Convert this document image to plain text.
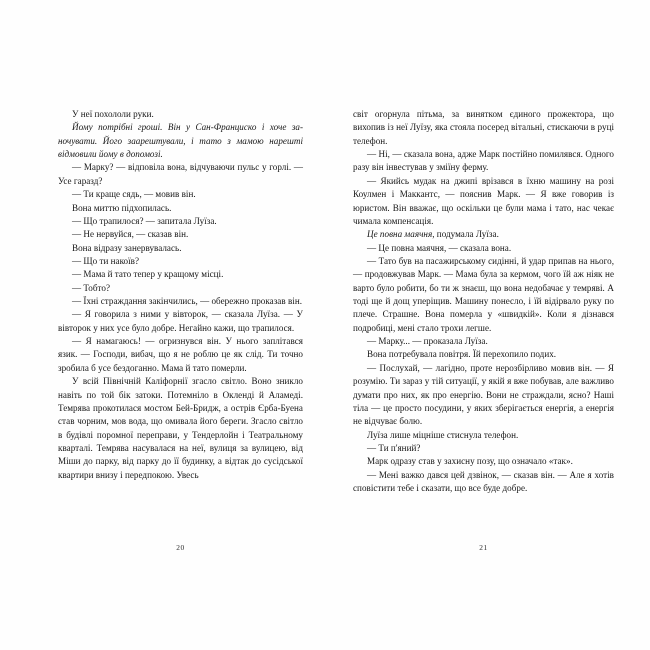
У неї похололи руки.

Йому потрібні гроші. Він у Сан-Франциско і хоче заночувати. Його заарештували, і тато з мамою нарешті відмовили йому в допомозі.

— Марку? — відповіла вона, відчуваючи пульс у горлі. — Усе гаразд?

— Ти краще сядь, — мовив він.

Вона миттю підхопилась.

— Що трапилося? — запитала Луїза.

— Не нервуйся, — сказав він.

Вона відразу занервувалась.

— Що ти накоїв?

— Мама й тато тепер у кращому місці.

— Тобто?

— Їхні страждання закінчились, — обережно проказав він.

— Я говорила з ними у вівторок, — сказала Луїза. — У вівторок у них усе було добре. Негайно кажи, що трапилося.

— Я намагаюсь! — огризнувся він. У нього заплітався язик. — Господи, вибач, що я не роблю це як слід. Ти точно зробила б усе бездоганно. Мама й тато померли.

У всій Північній Каліфорнії згасло світло. Воно зникло навіть по той бік затоки. Потемніло в Окленді й Аламеді. Темрява прокотилася мостом Бей-Бридж, а острів Єрба-Буена став чорним, мов вода, що омивала його береги. Згасло світло в будівлі поромної переправи, у Тендерлойн і Театральному кварталі. Темрява насувалася на неї, вулиця за вулицею, від Міши до парку, від парку до її будинку, а відтак до сусідської квартири внизу і передпокою. Увесь

20

світ огорнула пітьма, за винятком єдиного прожектора, що вихопив із неї Луїзу, яка стояла посеред вітальні, стискаючи в руці телефон.

— Ні, — сказала вона, адже Марк постійно помилявся. Одного разу він інвестував у зміїну ферму.

— Якийсь мудак на джипі врізався в їхню машину на розі Коулмен і Маккантс, — пояснив Марк. — Я вже говорив із юристом. Він вважає, що оскільки це були мама і тато, нас чекає чимала компенсація.

Це повна маячня, подумала Луїза.

— Це повна маячня, — сказала вона.

— Тато був на пасажирському сидінні, й удар припав на нього, — продовжував Марк. — Мама була за кермом, чого їй аж ніяк не варто було робити, бо ти ж знаєш, що вона недобачає у темряві. А тоді ще й дощ уперіщив. Машину понесло, і їй відірвало руку по плече. Страшне. Вона померла у «швидкій». Коли я дізнався подробиці, мені стало трохи легше.

— Марку... — проказала Луїза.

Вона потребувала повітря. Їй перехопило подих.

— Послухай, — лагідно, проте нерозбірливо мовив він. — Я розумію. Ти зараз у тій ситуації, у якій я вже побував, але важливо думати про них, як про енергію. Вони не страждали, ясно? Наші тіла — це просто посудини, у яких зберігається енергія, а енергія не відчуває болю.

Луїза лише міцніше стиснула телефон.

— Ти п'яний?

Марк одразу став у захисну позу, що означало «так».

— Мені важко дався цей дзвінок, — сказав він. — Але я хотів сповістити тебе і сказати, що все буде добре.

21
